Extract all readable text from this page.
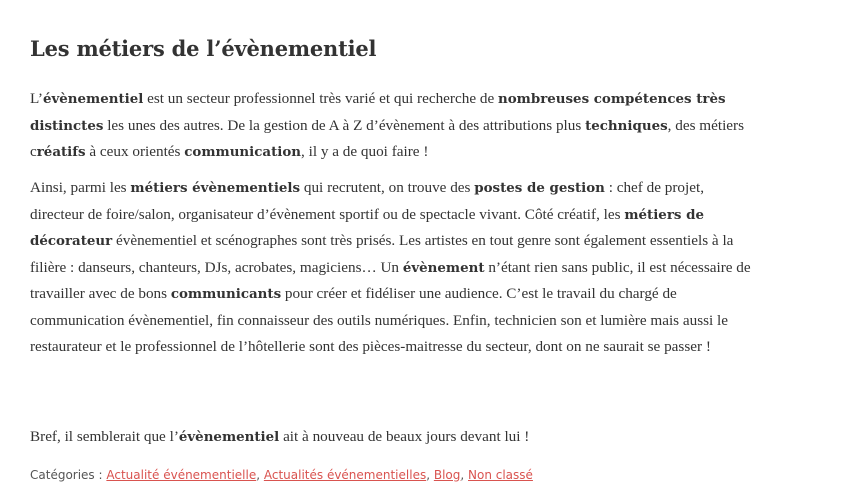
Les métiers de l’évènementiel

L’évènementiel est un secteur professionnel très varié et qui recherche de nombreuses compétences très distinctes les unes des autres. De la gestion de A à Z d’évènement à des attributions plus techniques, des métiers créatifs à ceux orientés communication, il y a de quoi faire !

Ainsi, parmi les métiers évènementiels qui recrutent, on trouve des postes de gestion : chef de projet, directeur de foire/salon, organisateur d’évènement sportif ou de spectacle vivant. Côté créatif, les métiers de décorateur évènementiel et scénographes sont très prisés. Les artistes en tout genre sont également essentiels à la filière : danseurs, chanteurs, DJs, acrobates, magiciens… Un évènement n’étant rien sans public, il est nécessaire de travailler avec de bons communicants pour créer et fidéliser une audience. C’est le travail du chargé de communication évènementiel, fin connaisseur des outils numériques. Enfin, technicien son et lumière mais aussi le restaurateur et le professionnel de l’hôtellerie sont des pièces-maitresse du secteur, dont on ne saurait se passer !

Bref, il semblerait que l’évènementiel ait à nouveau de beaux jours devant lui !

Catégories : Actualité événementielle, Actualités événementielles, Blog, Non classé
